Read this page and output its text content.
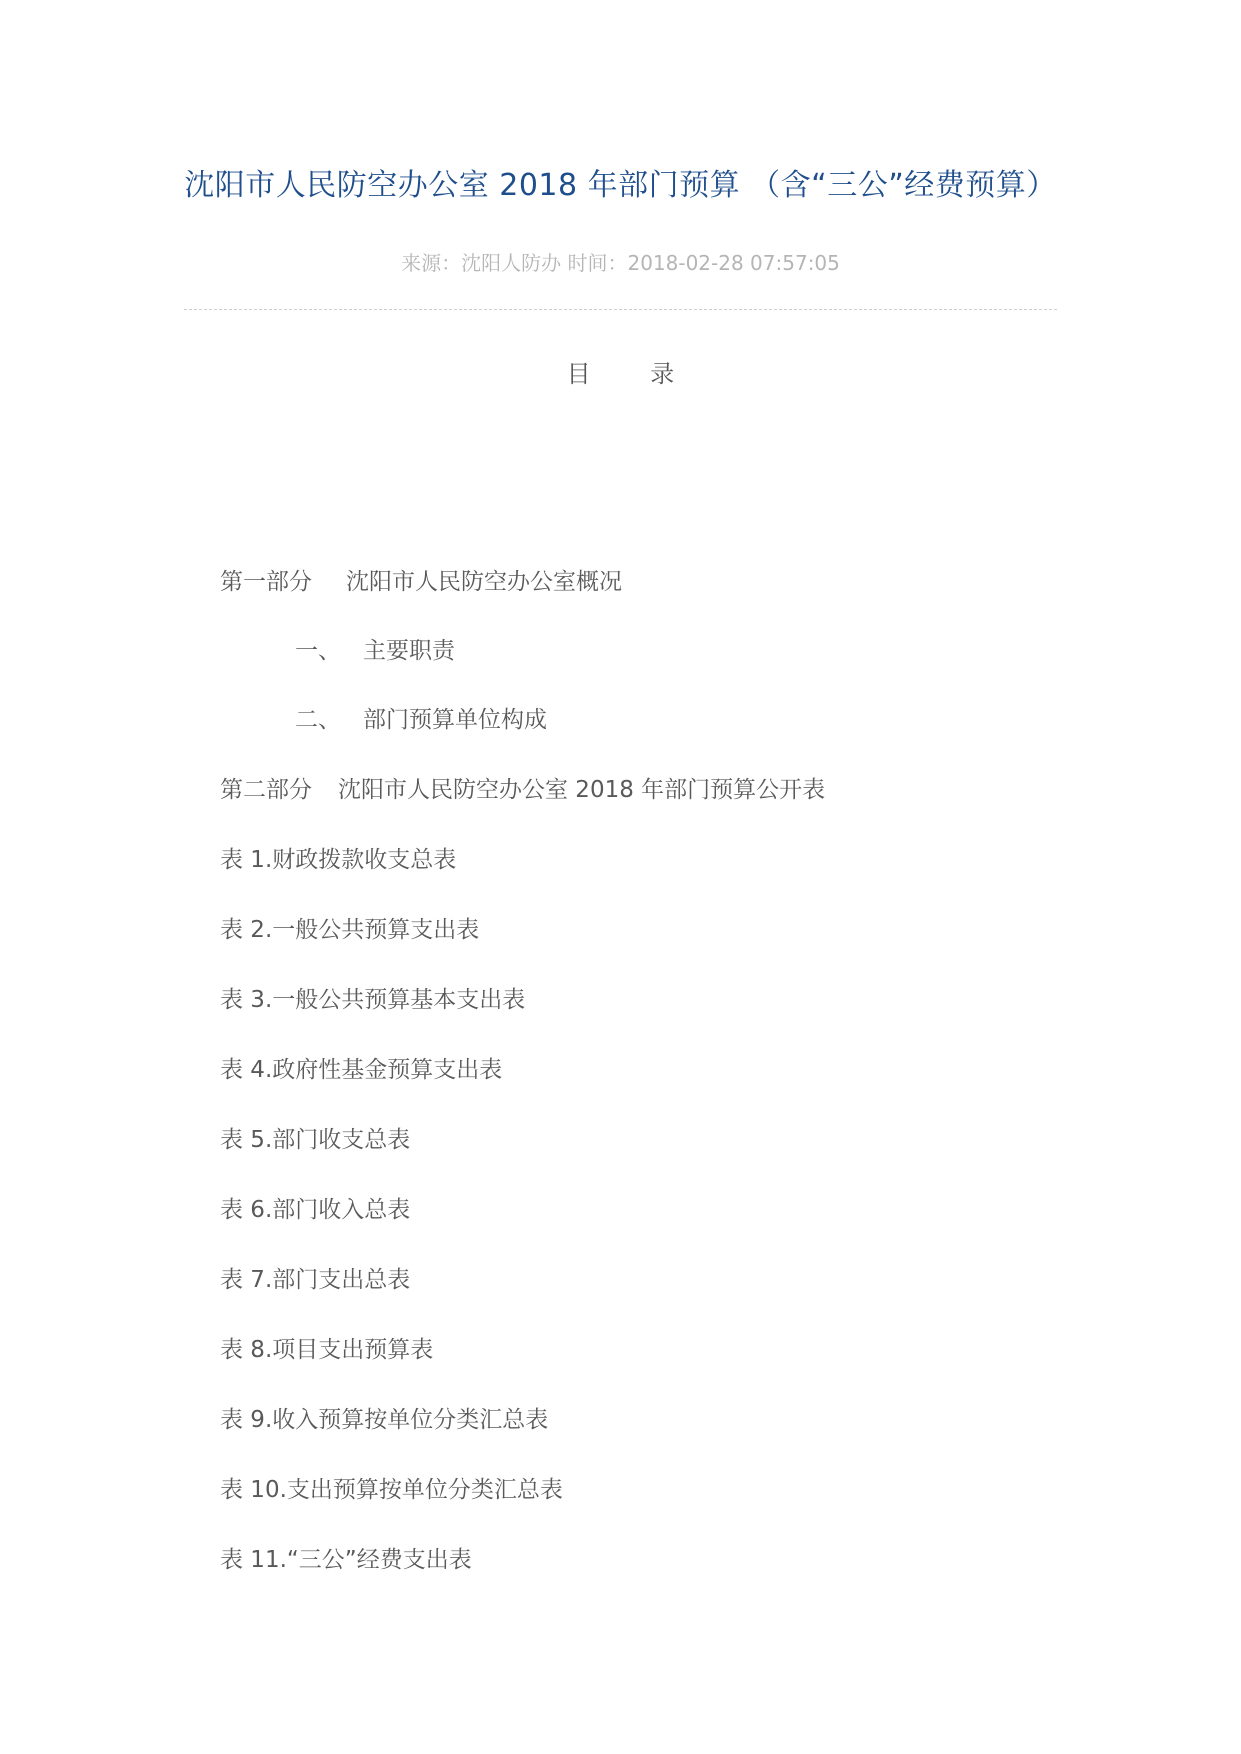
沈阳市人民防空办公室 2018 年部门预算 （含“三公”经费预算）
来源：沈阳人防办 时间：2018-02-28 07:57:05
目 录
第一部分 沈阳市人民防空办公室概况
一、 主要职责
二、 部门预算单位构成
第二部分 沈阳市人民防空办公室 2018 年部门预算公开表
表 1.财政拨款收支总表
表 2.一般公共预算支出表
表 3.一般公共预算基本支出表
表 4.政府性基金预算支出表
表 5.部门收支总表
表 6.部门收入总表
表 7.部门支出总表
表 8.项目支出预算表
表 9.收入预算按单位分类汇总表
表 10.支出预算按单位分类汇总表
表 11.“三公”经费支出表
